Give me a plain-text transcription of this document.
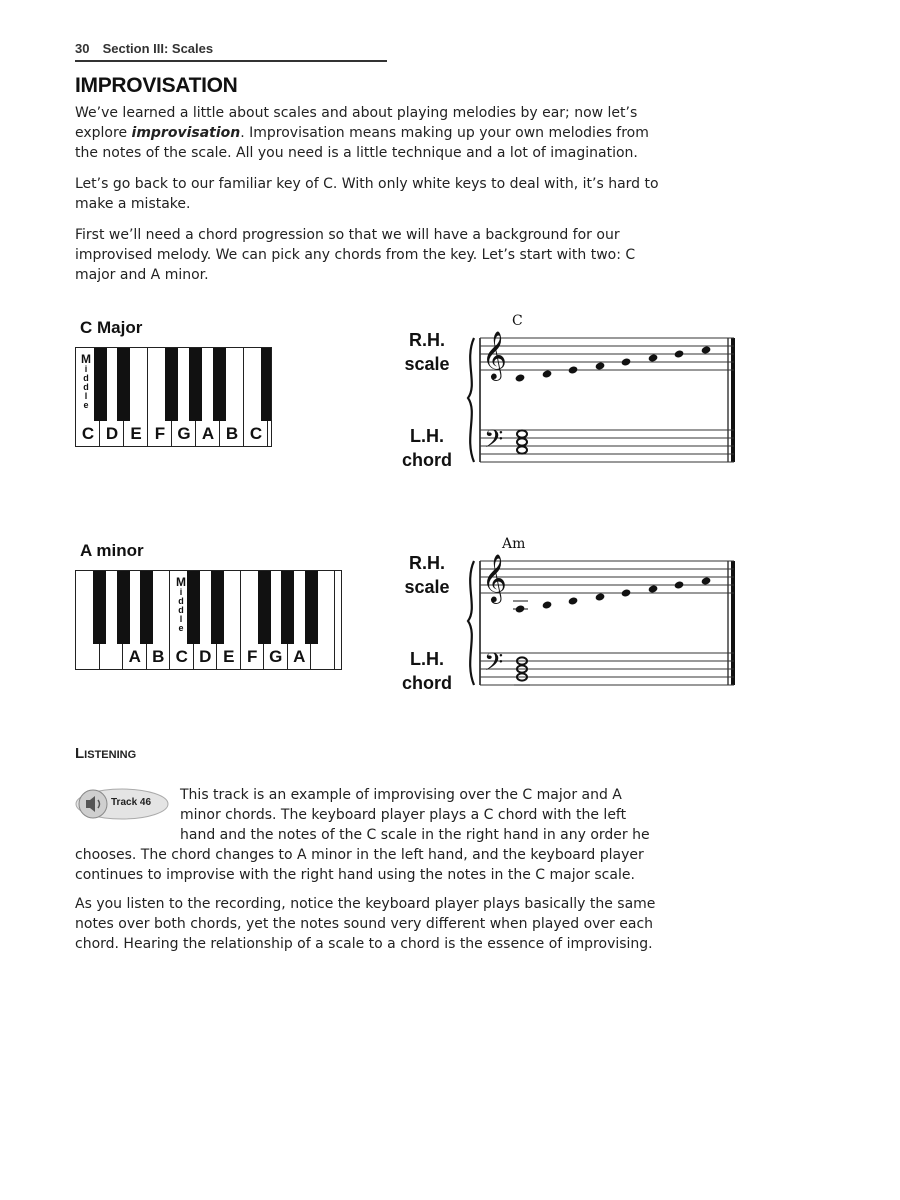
30 Section III: Scales
IMPROVISATION
We’ve learned a little about scales and about playing melodies by ear; now let’s explore improvisation. Improvisation means making up your own melodies from the notes of the scale. All you need is a little technique and a lot of imagination.
Let’s go back to our familiar key of C. With only white keys to deal with, it’s hard to make a mistake.
First we’ll need a chord progression so that we will have a background for our improvised melody. We can pick any chords from the key. Let’s start with two: C major and A minor.
C Major
M
i
d
d
l
e
C D E F G A B C
R.H.
scale
L.H.
chord
C
𝄞
𝄢
A minor
M
i
d
d
l
e
A B C D E F G A
R.H.
scale
L.H.
chord
Am
𝄞
𝄢
LISTENING
Track 46	This track is an example of improvising over the C major and A minor chords. The keyboard player plays a C chord with the left hand and the notes of the C scale in the right hand in any order he chooses. The chord changes to A minor in the left hand, and the keyboard player continues to improvise with the right hand using the notes in the C major scale.
As you listen to the recording, notice the keyboard player plays basically the same notes over both chords, yet the notes sound very different when played over each chord. Hearing the relationship of a scale to a chord is the essence of improvising.
